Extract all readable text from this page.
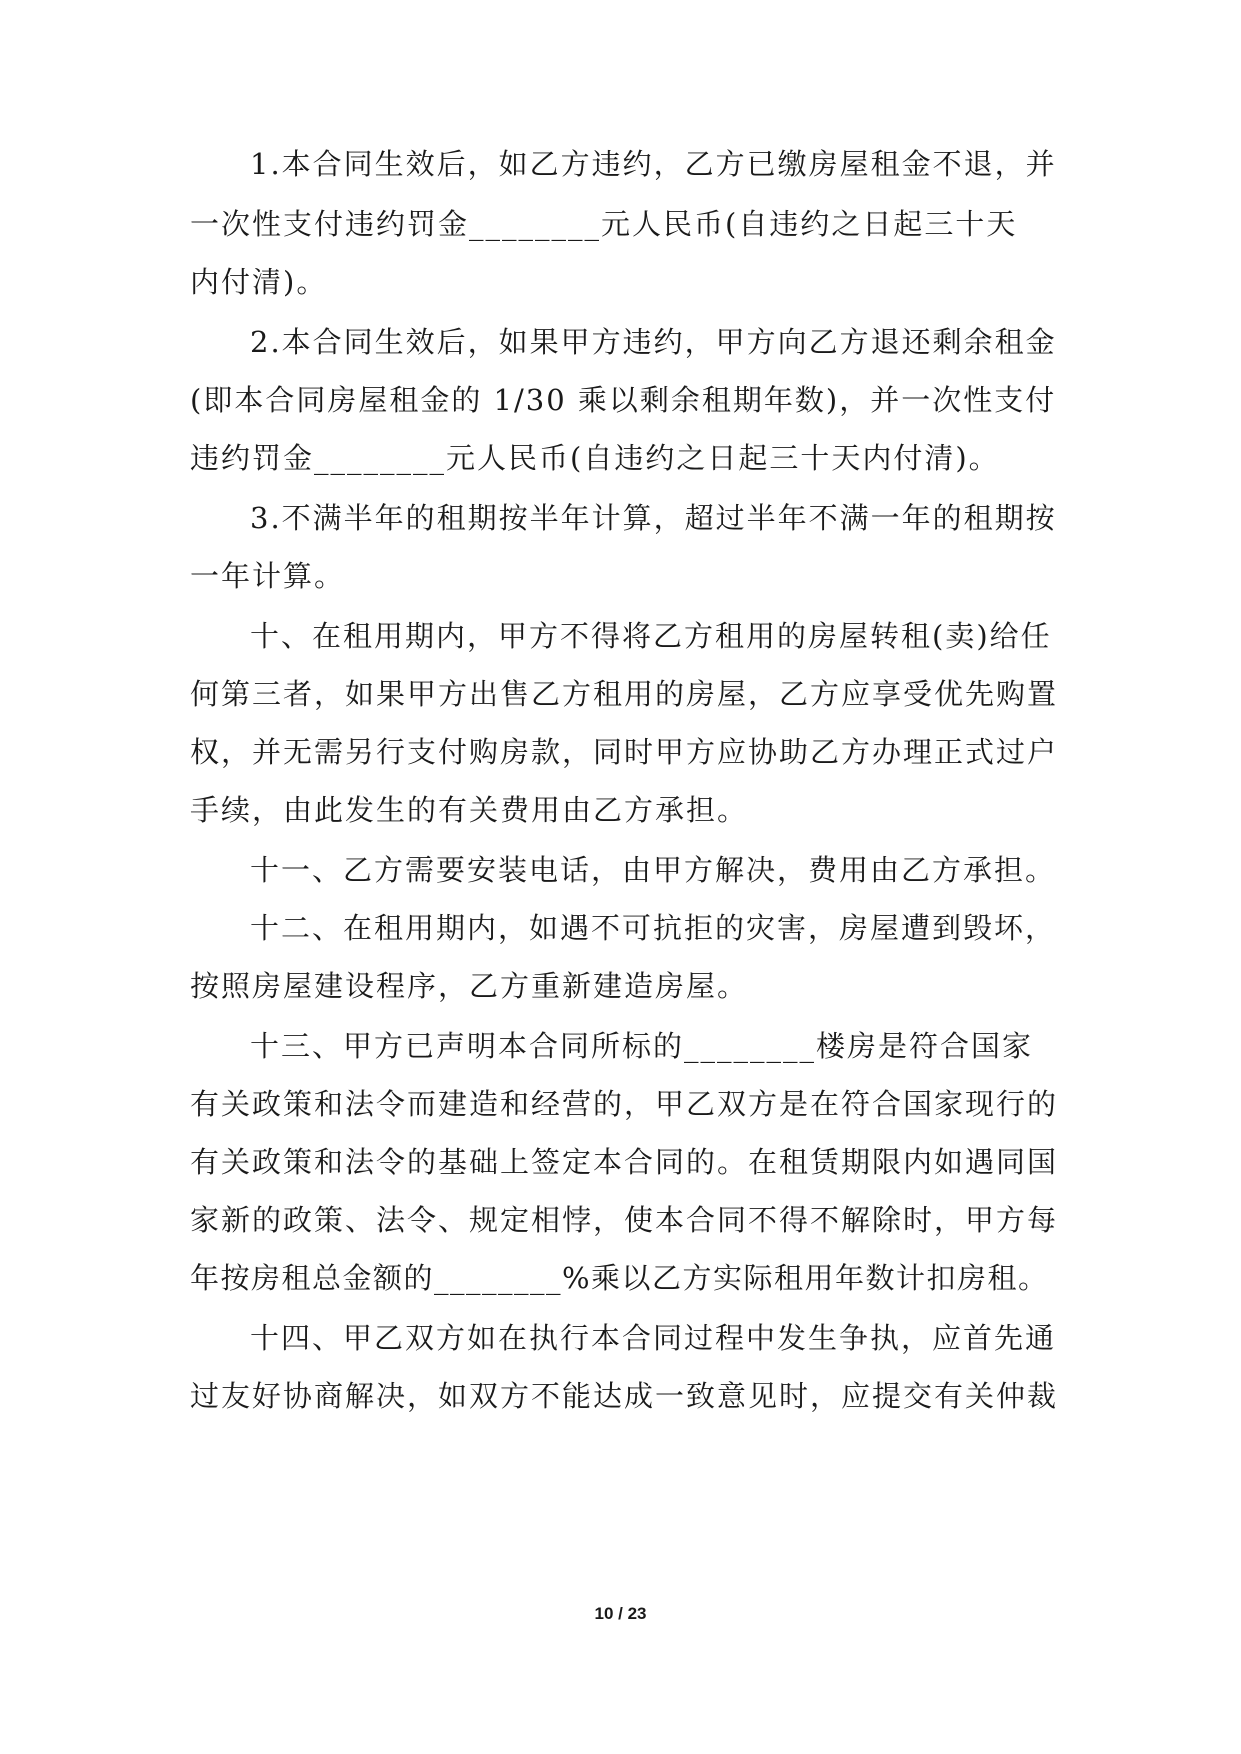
1.本合同生效后，如乙方违约，乙方已缴房屋租金不退，并
一次性支付违约罚金________元人民币(自违约之日起三十天
内付清)。
2.本合同生效后，如果甲方违约，甲方向乙方退还剩余租金
(即本合同房屋租金的 1/30 乘以剩余租期年数)，并一次性支付
违约罚金________元人民币(自违约之日起三十天内付清)。
3.不满半年的租期按半年计算，超过半年不满一年的租期按
一年计算。
十、在租用期内，甲方不得将乙方租用的房屋转租(卖)给任
何第三者，如果甲方出售乙方租用的房屋，乙方应享受优先购置
权，并无需另行支付购房款，同时甲方应协助乙方办理正式过户
手续，由此发生的有关费用由乙方承担。
十一、乙方需要安装电话，由甲方解决，费用由乙方承担。
十二、在租用期内，如遇不可抗拒的灾害，房屋遭到毁坏，
按照房屋建设程序，乙方重新建造房屋。
十三、甲方已声明本合同所标的________楼房是符合国家
有关政策和法令而建造和经营的，甲乙双方是在符合国家现行的
有关政策和法令的基础上签定本合同的。在租赁期限内如遇同国
家新的政策、法令、规定相悖，使本合同不得不解除时，甲方每
年按房租总金额的________%乘以乙方实际租用年数计扣房租。
十四、甲乙双方如在执行本合同过程中发生争执，应首先通
过友好协商解决，如双方不能达成一致意见时，应提交有关仲裁
10 / 23
